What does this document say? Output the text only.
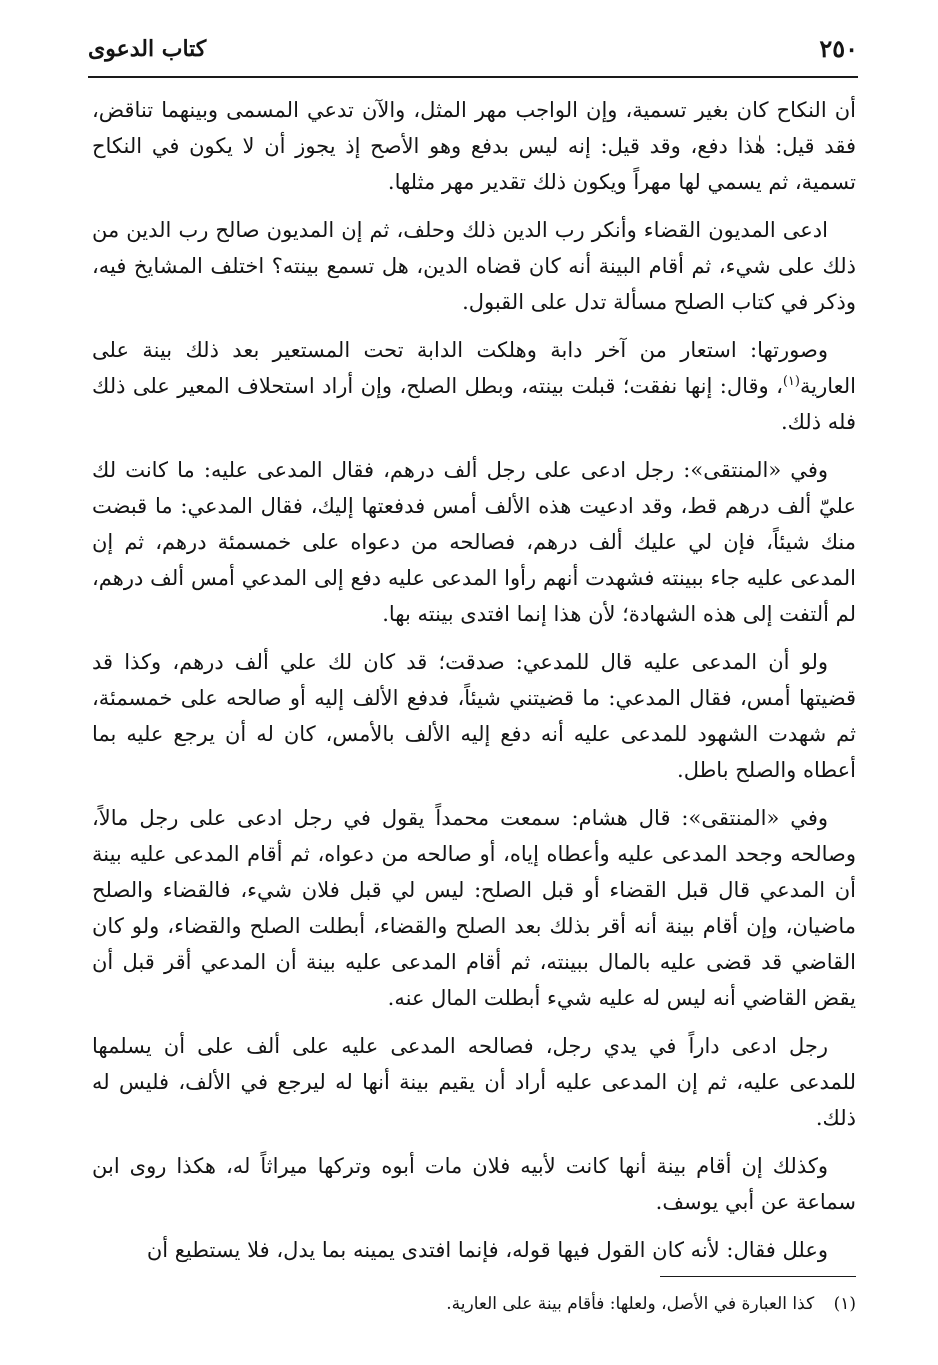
كتاب الدعوى	٢٥٠

أن النكاح كان بغير تسمية، وإن الواجب مهر المثل، والآن تدعي المسمى وبينهما تناقض، فقد قيل: هٰذا دفع، وقد قيل: إنه ليس بدفع وهو الأصح إذ يجوز أن لا يكون في النكاح تسمية، ثم يسمي لها مهراً ويكون ذلك تقدير مهر مثلها.

ادعى المديون القضاء وأنكر رب الدين ذلك وحلف، ثم إن المديون صالح رب الدين من ذلك على شيء، ثم أقام البينة أنه كان قضاه الدين، هل تسمع بينته؟ اختلف المشايخ فيه، وذكر في كتاب الصلح مسألة تدل على القبول.

وصورتها: استعار من آخر دابة وهلكت الدابة تحت المستعير بعد ذلك بينة على العارية$^{(١)}$، وقال: إنها نفقت؛ قبلت بينته، وبطل الصلح، وإن أراد استحلاف المعير على ذلك فله ذلك.

وفي «المنتقى»: رجل ادعى على رجل ألف درهم، فقال المدعى عليه: ما كانت لك عليّ ألف درهم قط، وقد ادعيت هذه الألف أمس فدفعتها إليك، فقال المدعي: ما قبضت منك شيئاً، فإن لي عليك ألف درهم، فصالحه من دعواه على خمسمئة درهم، ثم إن المدعى عليه جاء ببينته فشهدت أنهم رأوا المدعى عليه دفع إلى المدعي أمس ألف درهم، لم ألتفت إلى هذه الشهادة؛ لأن هذا إنما افتدى بينته بها.

ولو أن المدعى عليه قال للمدعي: صدقت؛ قد كان لك علي ألف درهم، وكذا قد قضيتها أمس، فقال المدعي: ما قضيتني شيئاً، فدفع الألف إليه أو صالحه على خمسمئة، ثم شهدت الشهود للمدعى عليه أنه دفع إليه الألف بالأمس، كان له أن يرجع عليه بما أعطاه والصلح باطل.

وفي «المنتقى»: قال هشام: سمعت محمداً يقول في رجل ادعى على رجل مالاً، وصالحه وجحد المدعى عليه وأعطاه إياه، أو صالحه من دعواه، ثم أقام المدعى عليه بينة أن المدعي قال قبل القضاء أو قبل الصلح: ليس لي قبل فلان شيء، فالقضاء والصلح ماضيان، وإن أقام بينة أنه أقر بذلك بعد الصلح والقضاء، أبطلت الصلح والقضاء، ولو كان القاضي قد قضى عليه بالمال ببينته، ثم أقام المدعى عليه بينة أن المدعي أقر قبل أن يقض القاضي أنه ليس له عليه شيء أبطلت المال عنه.

رجل ادعى داراً في يدي رجل، فصالحه المدعى عليه على ألف على أن يسلمها للمدعى عليه، ثم إن المدعى عليه أراد أن يقيم بينة أنها له ليرجع في الألف، فليس له ذلك.

وكذلك إن أقام بينة أنها كانت لأبيه فلان مات أبوه وتركها ميراثاً له، هكذا روى ابن سماعة عن أبي يوسف.

وعلل فقال: لأنه كان القول فيها قوله، فإنما افتدى يمينه بما يدل، فلا يستطيع أن

(١) كذا العبارة في الأصل، ولعلها: فأقام بينة على العارية.
